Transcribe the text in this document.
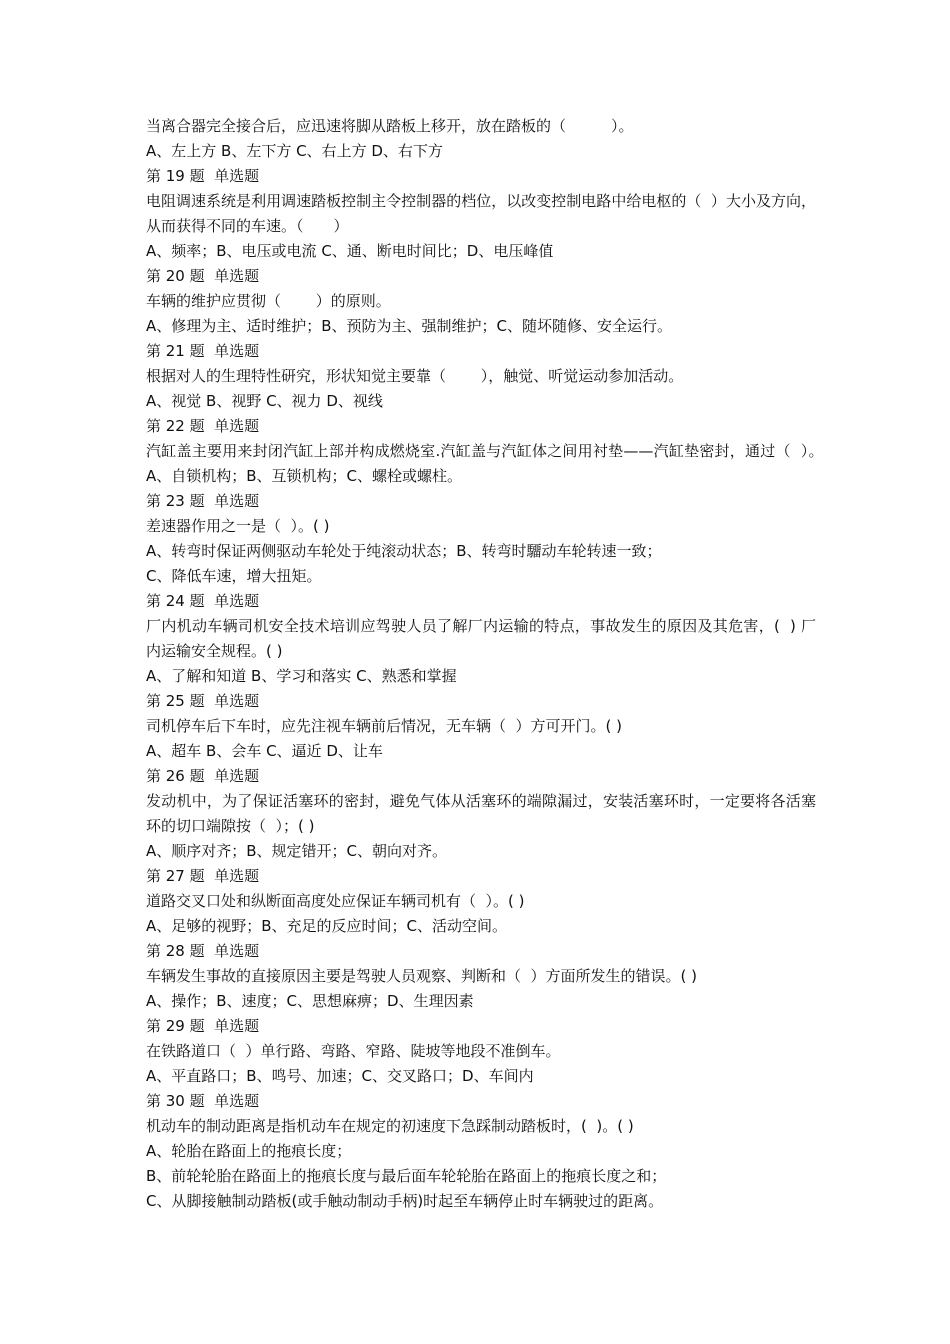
当离合器完全接合后，应迅速将脚从踏板上移开，放在踏板的（　　　）。
A、左上方 B、左下方 C、右上方 D、右下方
第 19 题  单选题
电阻调速系统是利用调速踏板控制主令控制器的档位，以改变控制电路中给电枢的（  ）大小及方向，从而获得不同的车速。（　　）
A、频率；B、电压或电流 C、通、断电时间比；D、电压峰值
第 20 题  单选题
车辆的维护应贯彻（　　 ）的原则。
A、修理为主、适时维护；B、预防为主、强制维护；C、随坏随修、安全运行。
第 21 题  单选题
根据对人的生理特性研究，形状知觉主要靠（　　 ），触觉、听觉运动参加活动。
A、视觉 B、视野 C、视力 D、视线
第 22 题  单选题
汽缸盖主要用来封闭汽缸上部并构成燃烧室.汽缸盖与汽缸体之间用衬垫——汽缸垫密封，通过（  ）。　A、自锁机构；B、互锁机构；C、螺栓或螺柱。
第 23 题  单选题
差速器作用之一是（  ）。( )
A、转弯时保证两侧驱动车轮处于纯滚动状态；B、转弯时驑动车轮转速一致；
C、降低车速，增大扭矩。
第 24 题  单选题
厂内机动车辆司机安全技术培训应驾驶人员了解厂内运输的特点，事故发生的原因及其危害，(  ) 厂内运输安全规程。( )
A、了解和知道 B、学习和落实 C、熟悉和掌握
第 25 题  单选题
司机停车后下车时，应先注视车辆前后情况，无车辆（  ）方可开门。( )
A、超车 B、会车 C、逼近 D、让车
第 26 题  单选题
发动机中，为了保证活塞环的密封，避免气体从活塞环的端隙漏过，安装活塞环时，一定要将各活塞环的切口端隙按（  ）；( )
A、顺序对齐；B、规定错开；C、朝向对齐。
第 27 题  单选题
道路交叉口处和纵断面高度处应保证车辆司机有（  ）。( )
A、足够的视野；B、充足的反应时间；C、活动空间。
第 28 题  单选题
车辆发生事故的直接原因主要是驾驶人员观察、判断和（  ）方面所发生的错误。( )
A、操作；B、速度；C、思想麻痹；D、生理因素
第 29 题  单选题
在铁路道口（  ）单行路、弯路、窄路、陡坡等地段不准倒车。
A、平直路口；B、鸣号、加速；C、交叉路口；D、车间内
第 30 题  单选题
机动车的制动距离是指机动车在规定的初速度下急踩制动踏板时，(  )。( )
A、轮胎在路面上的拖痕长度；
B、前轮轮胎在路面上的拖痕长度与最后面车轮轮胎在路面上的拖痕长度之和；
C、从脚接触制动踏板(或手触动制动手柄)时起至车辆停止时车辆驶过的距离。
